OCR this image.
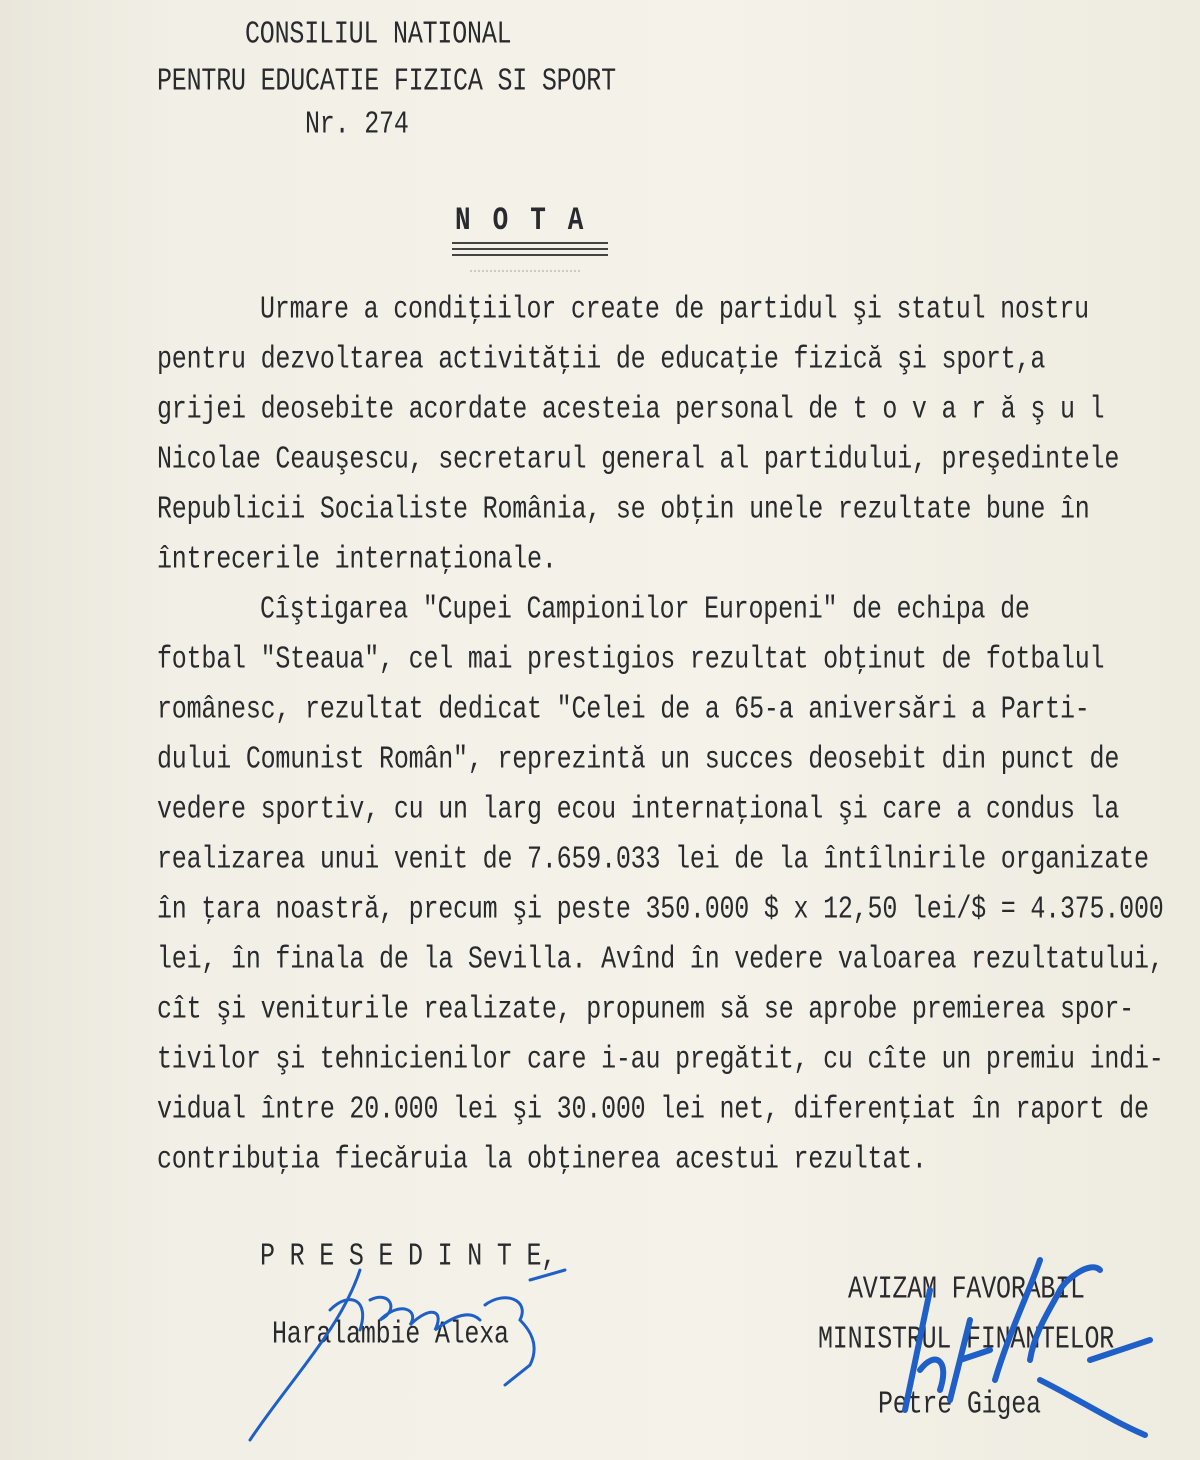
CONSILIUL NATIONAL
PENTRU EDUCATIE FIZICA SI SPORT
Nr. 274
NOTA
Urmare a condiţiilor create de partidul şi statul nostru
pentru dezvoltarea activităţii de educaţie fizică şi sport,a
grijei deosebite acordate acesteia personal de t o v a r ă ş u l
Nicolae Ceauşescu, secretarul general al partidului, preşedintele
Republicii Socialiste România, se obţin unele rezultate bune în
întrecerile internaţionale.
Cîştigarea "Cupei Campionilor Europeni" de echipa de
fotbal "Steaua", cel mai prestigios rezultat obţinut de fotbalul
românesc, rezultat dedicat "Celei de a 65-a aniversări a Parti-
dului Comunist Român", reprezintă un succes deosebit din punct de
vedere sportiv, cu un larg ecou internaţional şi care a condus la
realizarea unui venit de 7.659.033 lei de la întîlnirile organizate
în ţara noastră, precum şi peste 350.000 $ x 12,50 lei/$ = 4.375.000
lei, în finala de la Sevilla. Avînd în vedere valoarea rezultatului,
cît şi veniturile realizate, propunem să se aprobe premierea spor-
tivilor şi tehnicienilor care i-au pregătit, cu cîte un premiu indi-
vidual între 20.000 lei şi 30.000 lei net, diferenţiat în raport de
contribuţia fiecăruia la obţinerea acestui rezultat.
P R E S E D I N T E,
Haralambie Alexa
AVIZAM FAVORABIL
MINISTRUL FINANTELOR
Petre Gigea
